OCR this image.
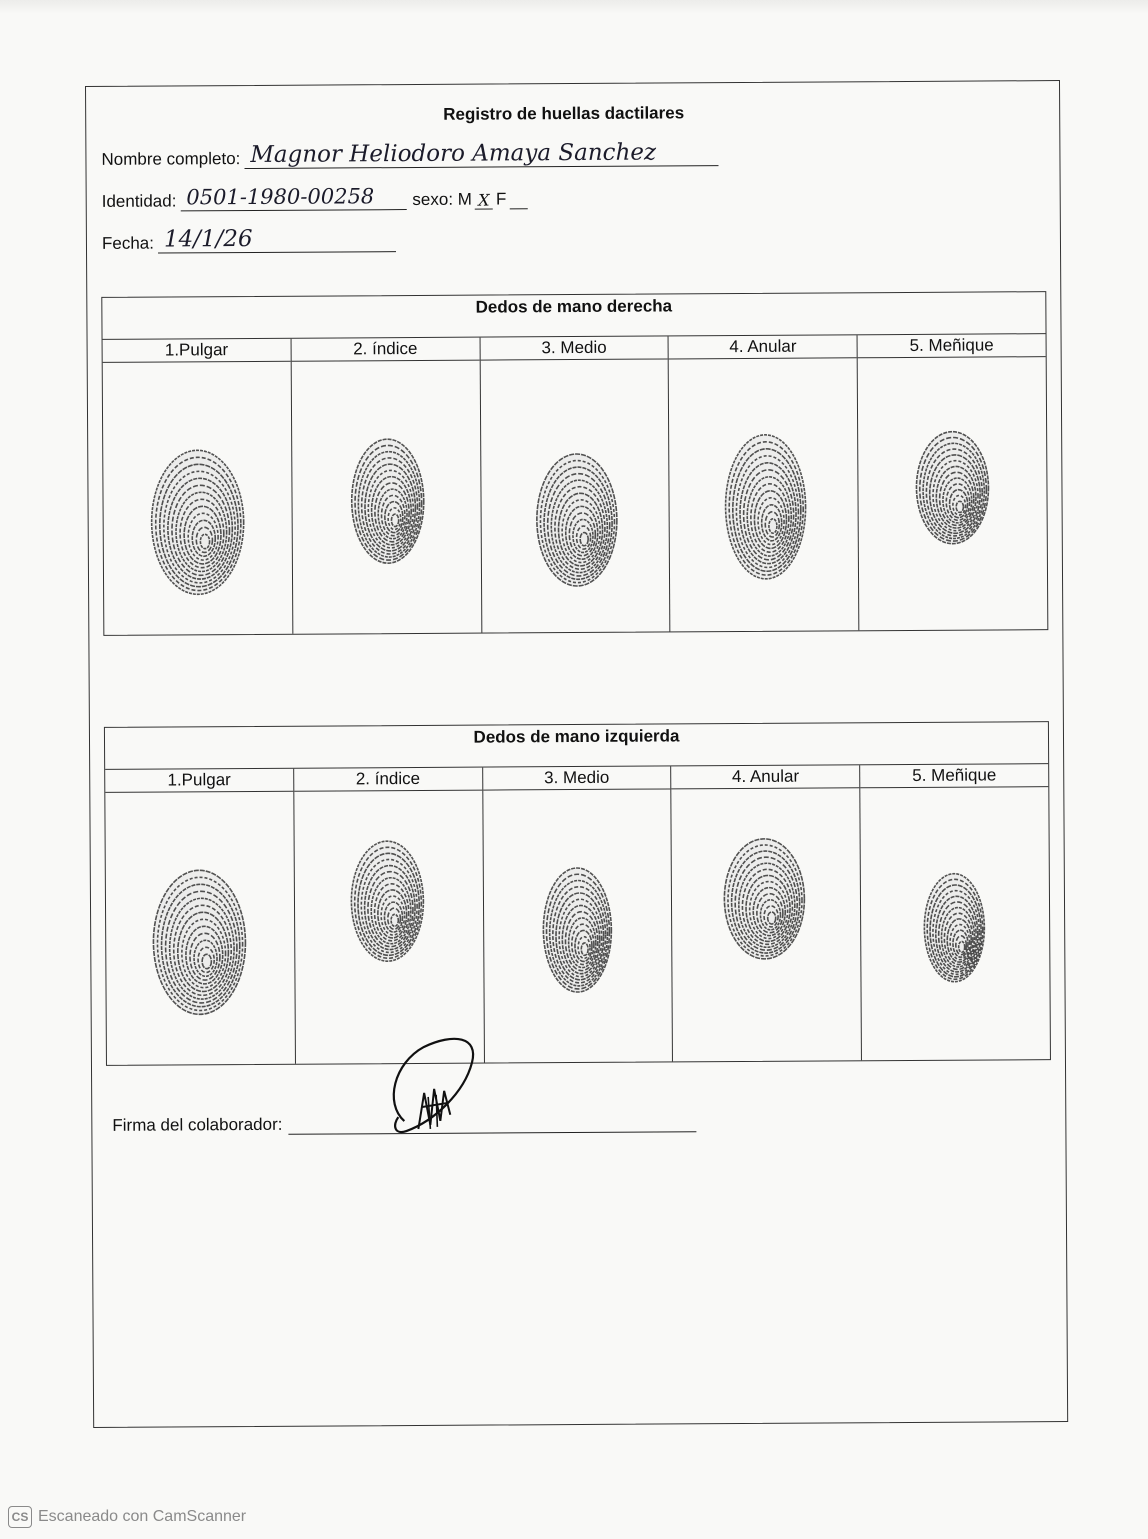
Registro de huellas dactilares
Nombre completo: Magnor Heliodoro Amaya Sanchez
Identidad: 0501-1980-00258	sexo: M X F
Fecha: 14/1/26
Dedos de mano derecha
1.Pulgar	2. índice	3. Medio	4. Anular	5. Meñique
Dedos de mano izquierda
1.Pulgar	2. índice	3. Medio	4. Anular	5. Meñique
Firma del colaborador:
CS Escaneado con CamScanner
